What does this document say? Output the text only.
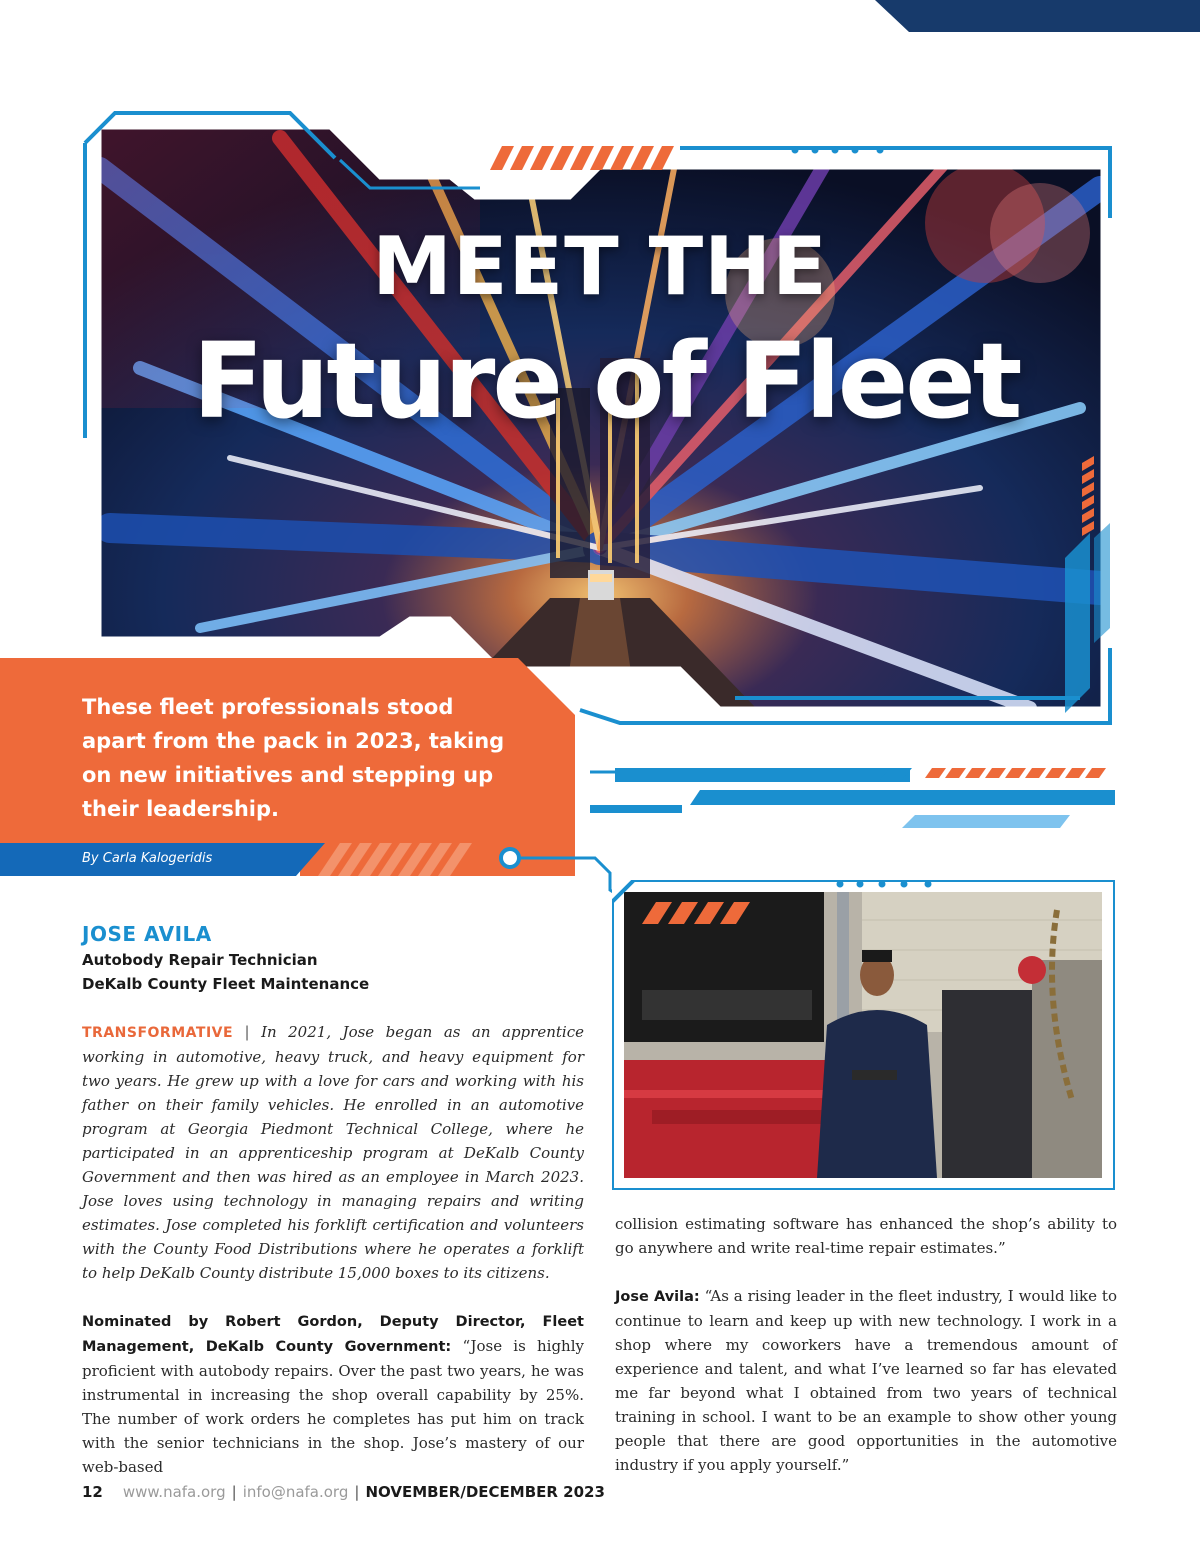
MEET THE
Future of Fleet
These fleet professionals stood apart from the pack in 2023, taking on new initiatives and stepping up their leadership.
By Carla Kalogeridis
JOSE AVILA
Autobody Repair Technician
DeKalb County Fleet Maintenance

TRANSFORMATIVE | In 2021, Jose began as an apprentice working in automotive, heavy truck, and heavy equipment for two years. He grew up with a love for cars and working with his father on their family vehicles. He enrolled in an automotive program at Georgia Piedmont Technical College, where he participated in an apprenticeship program at DeKalb County Government and then was hired as an employee in March 2023. Jose loves using technology in managing repairs and writing estimates. Jose completed his forklift certification and volunteers with the County Food Distributions where he operates a forklift to help DeKalb County distribute 15,000 boxes to its citizens.

Nominated by Robert Gordon, Deputy Director, Fleet Management, DeKalb County Government: “Jose is highly proficient with autobody repairs. Over the past two years, he was instrumental in increasing the shop overall capability by 25%. The number of work orders he completes has put him on track with the senior technicians in the shop. Jose’s mastery of our web-based

collision estimating software has enhanced the shop’s ability to go anywhere and write real-time repair estimates.”

Jose Avila: “As a rising leader in the fleet industry, I would like to continue to learn and keep up with new technology. I work in a shop where my coworkers have a tremendous amount of experience and talent, and what I’ve learned so far has elevated me far beyond what I obtained from two years of technical training in school. I want to be an example to show other young people that there are good opportunities in the automotive industry if you apply yourself.”

12 www.nafa.org | info@nafa.org | NOVEMBER/DECEMBER 2023
